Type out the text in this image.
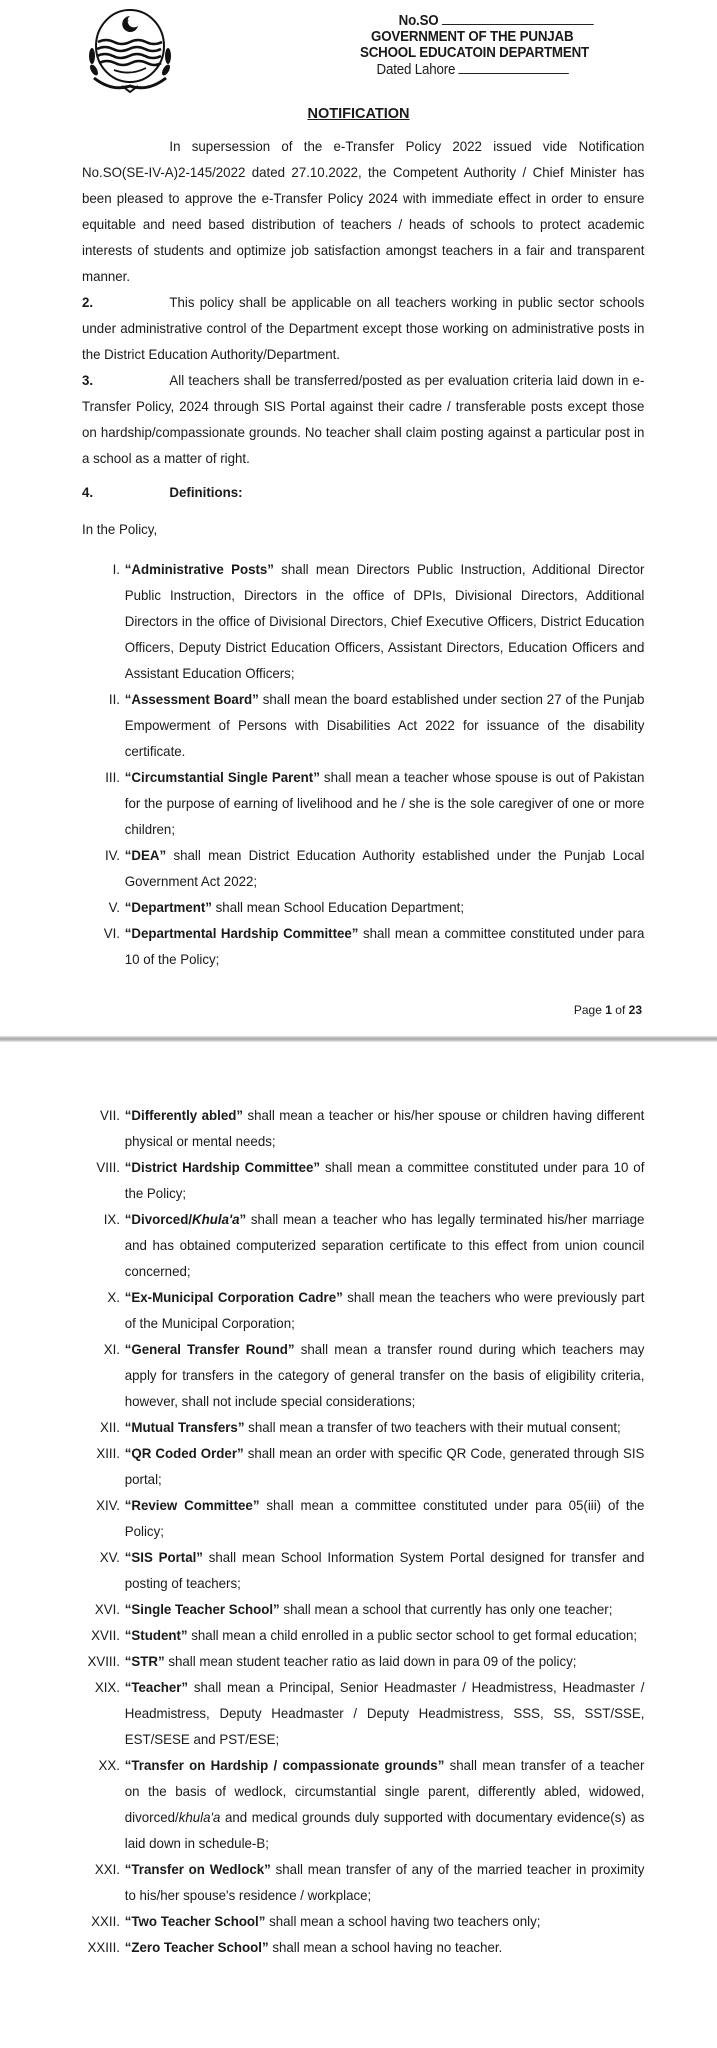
No.SO
GOVERNMENT OF THE PUNJAB
SCHOOL EDUCATOIN DEPARTMENT
Dated Lahore
NOTIFICATION
In supersession of the e-Transfer Policy 2022 issued vide Notification No.SO(SE-IV-A)2-145/2022 dated 27.10.2022, the Competent Authority / Chief Minister has been pleased to approve the e-Transfer Policy 2024 with immediate effect in order to ensure equitable and need based distribution of teachers / heads of schools to protect academic interests of students and optimize job satisfaction amongst teachers in a fair and transparent manner.
2.	This policy shall be applicable on all teachers working in public sector schools under administrative control of the Department except those working on administrative posts in the District Education Authority/Department.
3.	All teachers shall be transferred/posted as per evaluation criteria laid down in e-Transfer Policy, 2024 through SIS Portal against their cadre / transferable posts except those on hardship/compassionate grounds. No teacher shall claim posting against a particular post in a school as a matter of right.
4.	Definitions:
In the Policy,
I. “Administrative Posts” shall mean Directors Public Instruction, Additional Director Public Instruction, Directors in the office of DPIs, Divisional Directors, Additional Directors in the office of Divisional Directors, Chief Executive Officers, District Education Officers, Deputy District Education Officers, Assistant Directors, Education Officers and Assistant Education Officers;
II. “Assessment Board” shall mean the board established under section 27 of the Punjab Empowerment of Persons with Disabilities Act 2022 for issuance of the disability certificate.
III. “Circumstantial Single Parent” shall mean a teacher whose spouse is out of Pakistan for the purpose of earning of livelihood and he / she is the sole caregiver of one or more children;
IV. “DEA” shall mean District Education Authority established under the Punjab Local Government Act 2022;
V. “Department” shall mean School Education Department;
VI. “Departmental Hardship Committee” shall mean a committee constituted under para 10 of the Policy;
Page 1 of 23
VII. “Differently abled” shall mean a teacher or his/her spouse or children having different physical or mental needs;
VIII. “District Hardship Committee” shall mean a committee constituted under para 10 of the Policy;
IX. “Divorced/Khula'a” shall mean a teacher who has legally terminated his/her marriage and has obtained computerized separation certificate to this effect from union council concerned;
X. “Ex-Municipal Corporation Cadre” shall mean the teachers who were previously part of the Municipal Corporation;
XI. “General Transfer Round” shall mean a transfer round during which teachers may apply for transfers in the category of general transfer on the basis of eligibility criteria, however, shall not include special considerations;
XII. “Mutual Transfers” shall mean a transfer of two teachers with their mutual consent;
XIII. “QR Coded Order” shall mean an order with specific QR Code, generated through SIS portal;
XIV. “Review Committee” shall mean a committee constituted under para 05(iii) of the Policy;
XV. “SIS Portal” shall mean School Information System Portal designed for transfer and posting of teachers;
XVI. “Single Teacher School” shall mean a school that currently has only one teacher;
XVII. “Student” shall mean a child enrolled in a public sector school to get formal education;
XVIII. “STR” shall mean student teacher ratio as laid down in para 09 of the policy;
XIX. “Teacher” shall mean a Principal, Senior Headmaster / Headmistress, Headmaster / Headmistress, Deputy Headmaster / Deputy Headmistress, SSS, SS, SST/SSE, EST/SESE and PST/ESE;
XX. “Transfer on Hardship / compassionate grounds” shall mean transfer of a teacher on the basis of wedlock, circumstantial single parent, differently abled, widowed, divorced/khula'a and medical grounds duly supported with documentary evidence(s) as laid down in schedule-B;
XXI. “Transfer on Wedlock” shall mean transfer of any of the married teacher in proximity to his/her spouse's residence / workplace;
XXII. “Two Teacher School” shall mean a school having two teachers only;
XXIII. “Zero Teacher School” shall mean a school having no teacher.
